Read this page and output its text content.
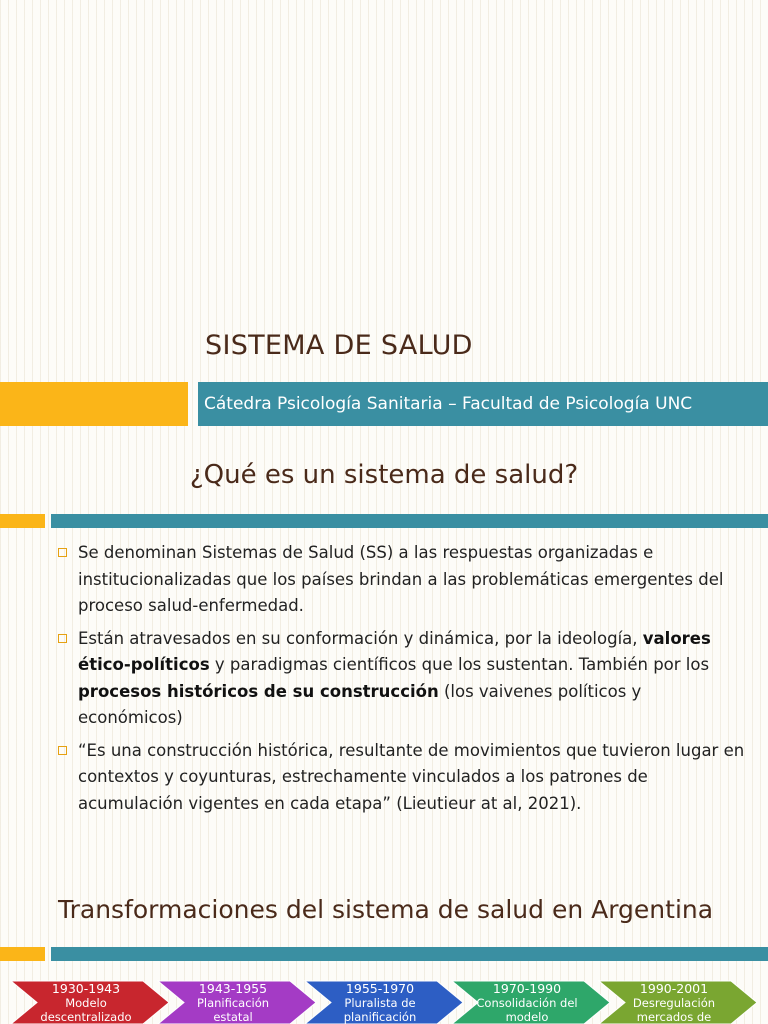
SISTEMA DE SALUD
Cátedra Psicología Sanitaria – Facultad de Psicología UNC
¿Qué es un sistema de salud?
Se denominan Sistemas de Salud (SS) a las respuestas organizadas e institucionalizadas que los países brindan a las problemáticas emergentes del proceso salud-enfermedad.
Están atravesados en su conformación y dinámica, por la ideología, valores ético-políticos y paradigmas científicos que los sustentan. También por los procesos históricos de su construcción (los vaivenes políticos y económicos)
“Es una construcción histórica, resultante de movimientos que tuvieron lugar en contextos y coyunturas, estrechamente vinculados a los patrones de acumulación vigentes en cada etapa” (Lieutieur at al, 2021).
Transformaciones del sistema de salud en Argentina
1930-1943
Modelo descentralizado
1943-1955
Planificación estatal
1955-1970
Pluralista de planificación
1970-1990
Consolidación del modelo
1990-2001
Desregulación mercados de
